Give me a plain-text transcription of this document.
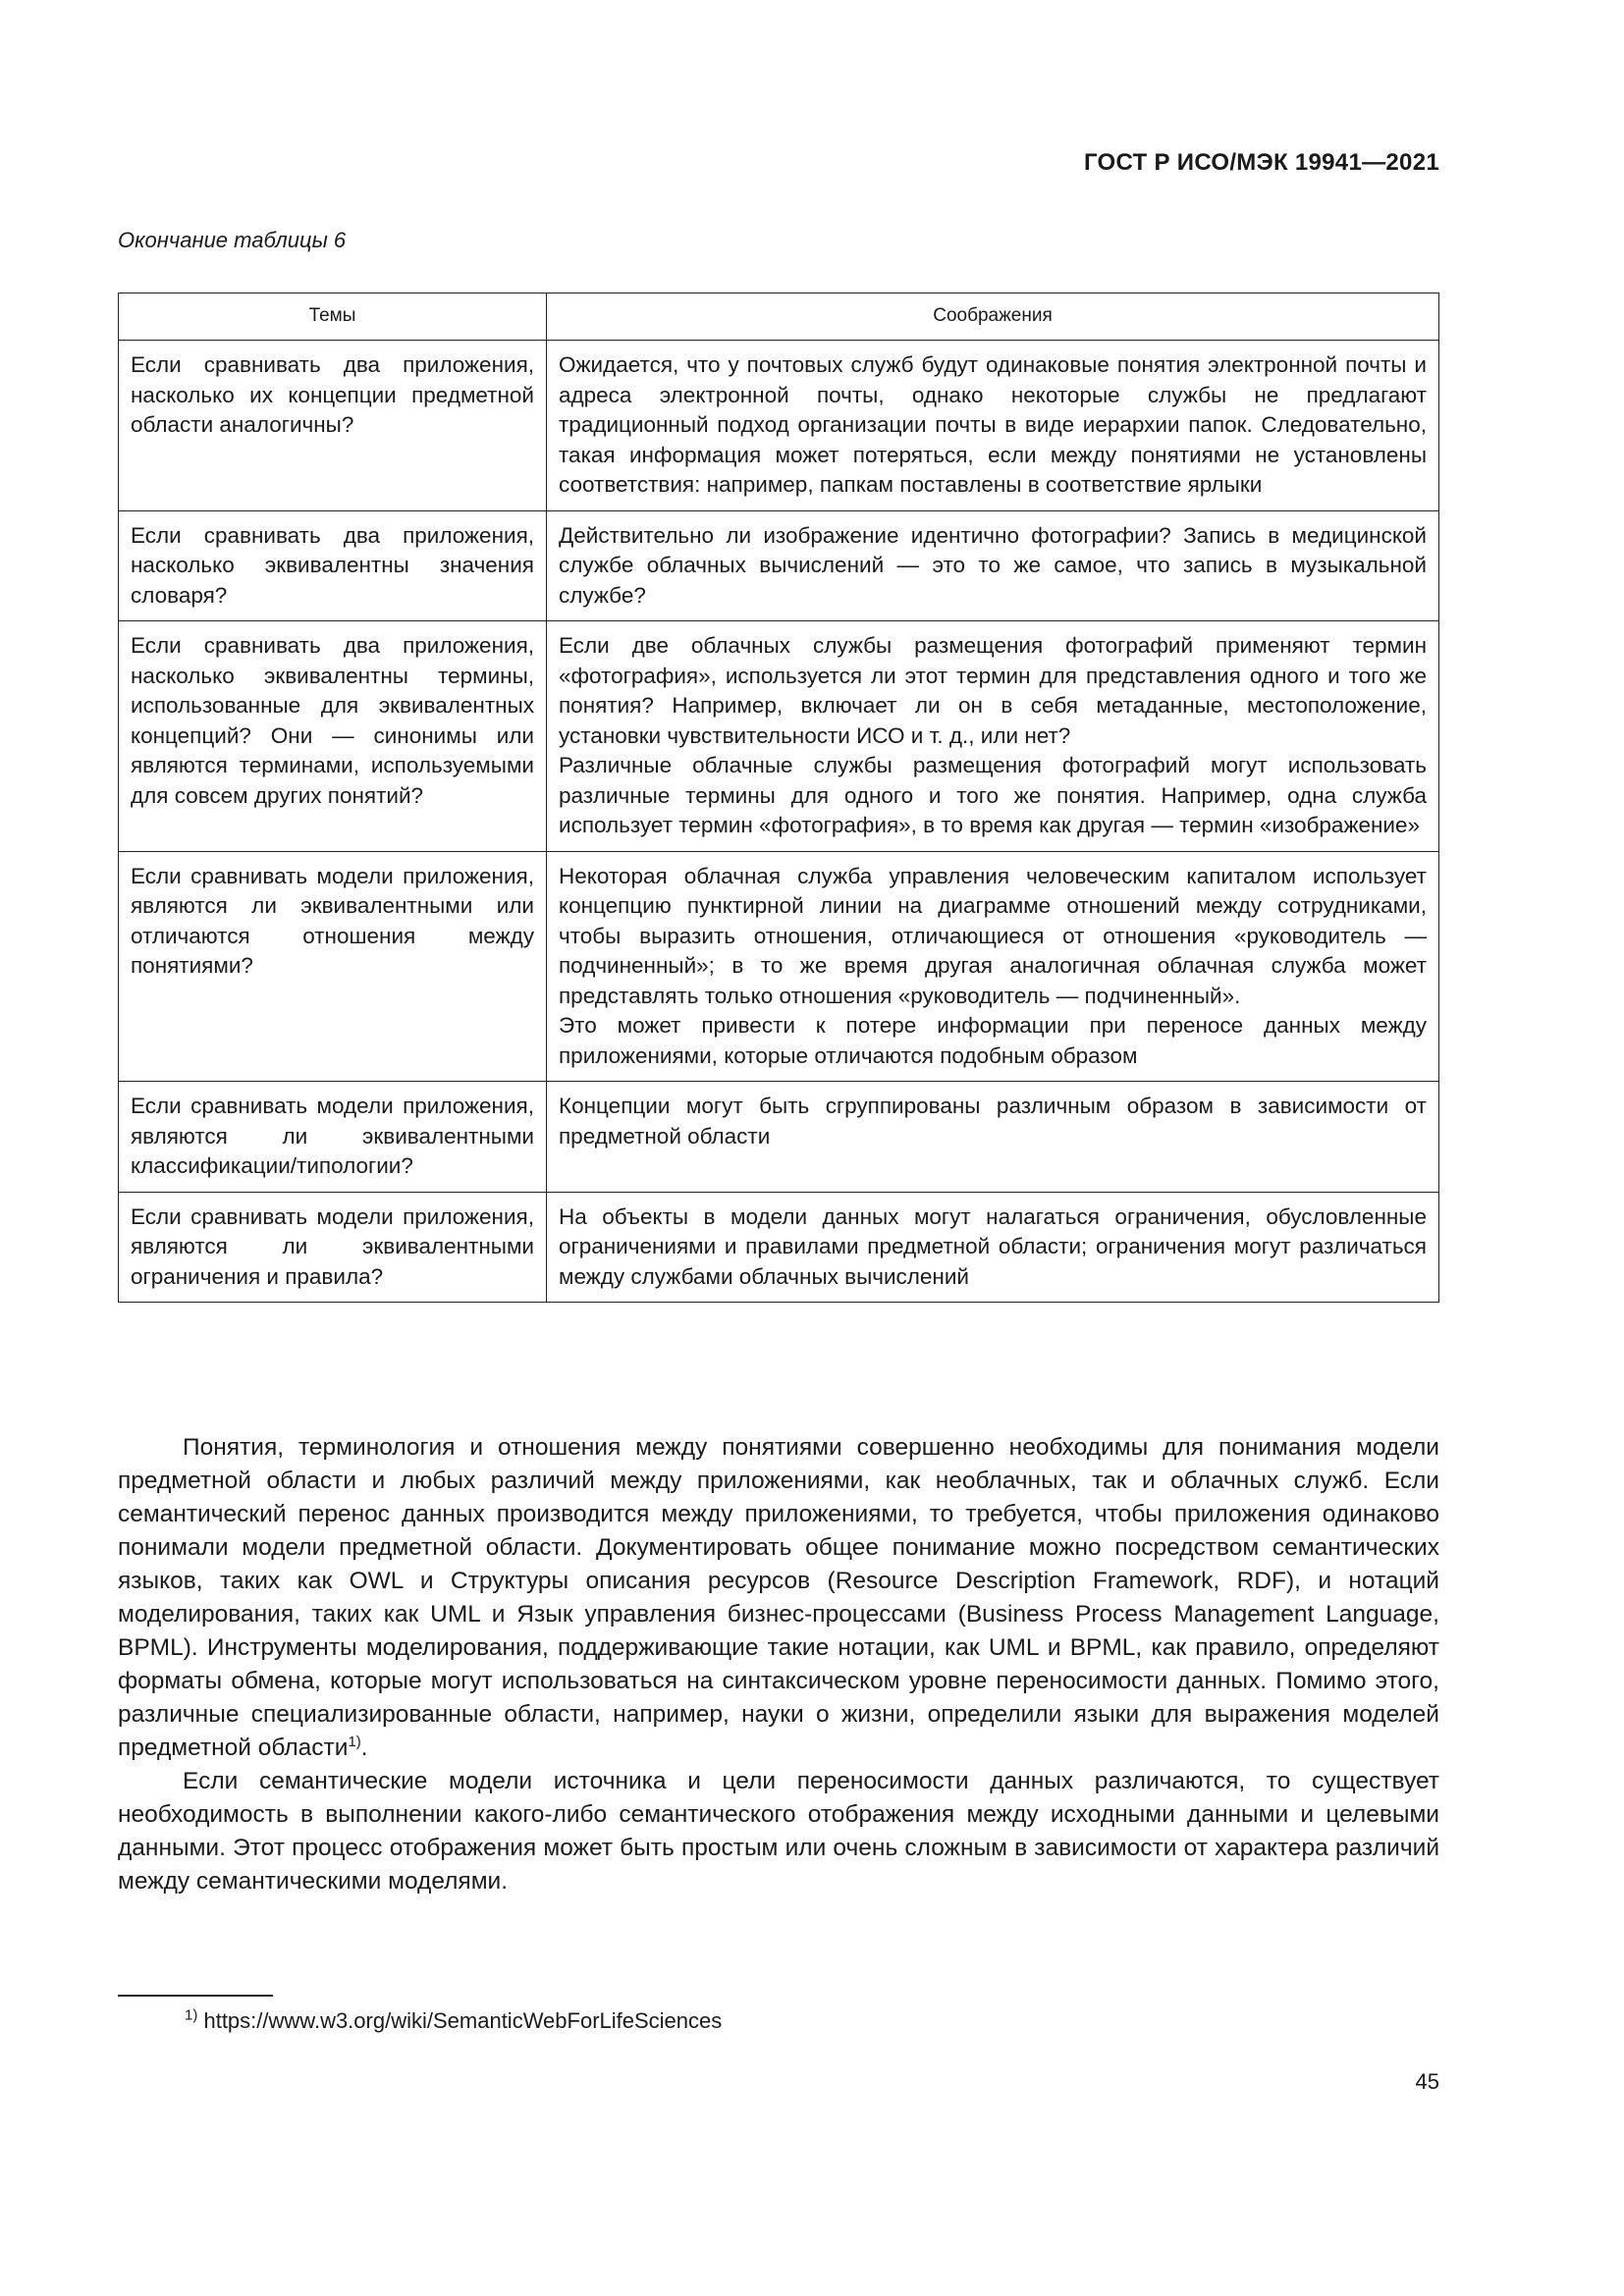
ГОСТ Р ИСО/МЭК 19941—2021
Окончание таблицы 6
Темы	Соображения
Если сравнивать два приложения, насколько их концепции предметной области аналогичны?	Ожидается, что у почтовых служб будут одинаковые понятия электронной почты и адреса электронной почты, однако некоторые службы не предлагают традиционный подход организации почты в виде иерархии папок. Следовательно, такая информация может потеряться, если между понятиями не установлены соответствия: например, папкам поставлены в соответствие ярлыки

Если сравнивать два приложения, насколько эквивалентны значения словаря?	Действительно ли изображение идентично фотографии? Запись в медицинской службе облачных вычислений — это то же самое, что запись в музыкальной службе?

Если сравнивать два приложения, насколько эквивалентны термины, использованные для эквивалентных концепций? Они — синонимы или являются терминами, используемыми для совсем других понятий?	Если две облачных службы размещения фотографий применяют термин «фотография», используется ли этот термин для представления одного и того же понятия? Например, включает ли он в себя метаданные, местоположение, установки чувствительности ИСО и т. д., или нет?

Различные облачные службы размещения фотографий могут использовать различные термины для одного и того же понятия. Например, одна служба использует термин «фотография», в то время как другая — термин «изображение»

Если сравнивать модели приложения, являются ли эквивалентными или отличаются отношения между понятиями?	Некоторая облачная служба управления человеческим капиталом использует концепцию пунктирной линии на диаграмме отношений между сотрудниками, чтобы выразить отношения, отличающиеся от отношения «руководитель — подчиненный»; в то же время другая аналогичная облачная служба может представлять только отношения «руководитель — подчиненный».

Это может привести к потере информации при переносе данных между приложениями, которые отличаются подобным образом

Если сравнивать модели приложения, являются ли эквивалентными классификации/типологии?	Концепции могут быть сгруппированы различным образом в зависимости от предметной области

Если сравнивать модели приложения, являются ли эквивалентными ограничения и правила?	На объекты в модели данных могут налагаться ограничения, обусловленные ограничениями и правилами предметной области; ограничения могут различаться между службами облачных вычислений

Понятия, терминология и отношения между понятиями совершенно необходимы для понимания модели предметной области и любых различий между приложениями, как необлачных, так и облачных служб. Если семантический перенос данных производится между приложениями, то требуется, чтобы приложения одинаково понимали модели предметной области. Документировать общее понимание можно посредством семантических языков, таких как OWL и Структуры описания ресурсов (Resource Description Framework, RDF), и нотаций моделирования, таких как UML и Язык управления бизнес-процессами (Business Process Management Language, BPML). Инструменты моделирования, поддерживающие такие нотации, как UML и BPML, как правило, определяют форматы обмена, которые могут использоваться на синтаксическом уровне переносимости данных. Помимо этого, различные специализированные области, например, науки о жизни, определили языки для выражения моделей предметной области$^{1)}$.

Если семантические модели источника и цели переносимости данных различаются, то существует необходимость в выполнении какого-либо семантического отображения между исходными данными и целевыми данными. Этот процесс отображения может быть простым или очень сложным в зависимости от характера различий между семантическими моделями.

$^{1)}$ https://www.w3.org/wiki/SemanticWebForLifeSciences
45
